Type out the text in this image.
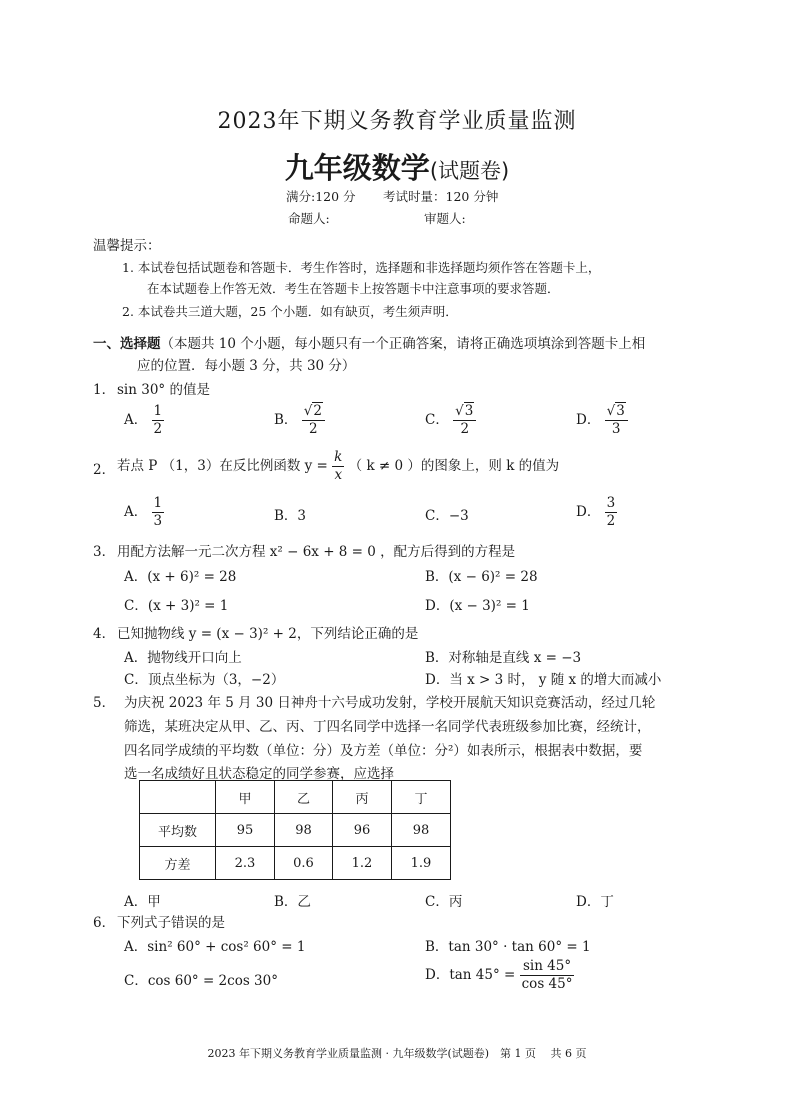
2023年下期义务教育学业质量监测
九年级数学(试题卷)
满分:120 分 考试时量：120 分钟
命题人:	审题人:
温馨提示：
1. 本试卷包括试题卷和答题卡．考生作答时，选择题和非选择题均须作答在答题卡上，
在本试题卷上作答无效．考生在答题卡上按答题卡中注意事项的要求答题．
2. 本试卷共三道大题，25 个小题．如有缺页，考生须声明．
一、选择题（本题共 10 个小题，每小题只有一个正确答案，请将正确选项填涂到答题卡上相
应的位置．每小题 3 分，共 30 分）
1． sin 30° 的值是
A． $\frac{1}{2}$	B． $\frac{√2}{2}$	C． $\frac{√3}{2}$	D． $\frac{√3}{3}$
2． 若点 P （1，3）在反比例函数 $y = \frac{k}{x}$ （ k ≠ 0 ）的图象上，则 k 的值为
A． $\frac{1}{3}$	B．3	C．−3	D． $\frac{3}{2}$
3． 用配方法解一元二次方程 x² − 6x + 8 = 0 ，配方后得到的方程是
A．(x + 6)² = 28	B．(x − 6)² = 28
C．(x + 3)² = 1	D．(x − 3)² = 1
4． 已知抛物线 y = (x − 3)² + 2，下列结论正确的是
A．抛物线开口向上	B．对称轴是直线 x = −3
C．顶点坐标为（3，−2）	D．当 x > 3 时， y 随 x 的增大而减小
5． 为庆祝 2023 年 5 月 30 日神舟十六号成功发射，学校开展航天知识竞赛活动，经过几轮
筛选，某班决定从甲、乙、丙、丁四名同学中选择一名同学代表班级参加比赛，经统计，
四名同学成绩的平均数（单位：分）及方差（单位：分²）如表所示，根据表中数据，要
选一名成绩好且状态稳定的同学参赛，应选择
	甲	乙	丙	丁
平均数	95	98	96	98
方差	2.3	0.6	1.2	1.9
A．甲	B．乙	C．丙	D．丁
6． 下列式子错误的是
A．sin² 60° + cos² 60° = 1	B．tan 30° · tan 60° = 1
C．cos 60° = 2cos 30°	D．$\tan 45^\circ = \frac{\sin 45^\circ}{\cos 45^\circ}$
2023 年下期义务教育学业质量监测 · 九年级数学(试题卷)　第 1 页　 共 6 页
